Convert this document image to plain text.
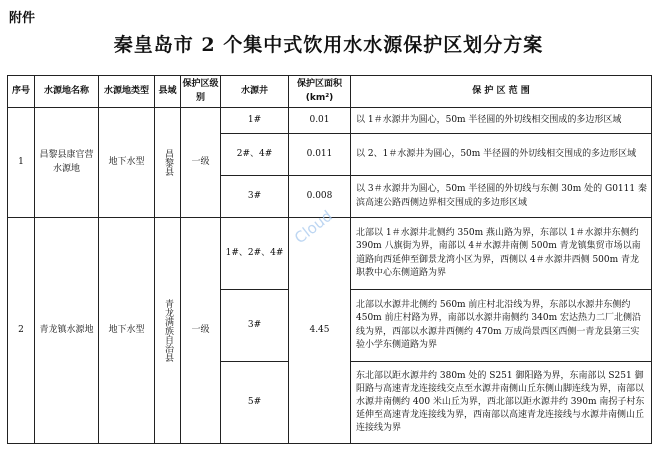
附件
秦皇岛市 2 个集中式饮用水水源保护区划分方案
序号	水源地名称	水源地类型	县域	保护区级别	水源井	保护区面积(km²)	保 护 区 范 围
1	昌黎县康官营水源地	地下水型	昌黎县	一级	1#	0.01	以 1＃水源井为圆心，50m 半径圆的外切线相交围成的多边形区域
					2#、4#	0.011	以 2、1＃水源井为圆心，50m 半径圆的外切线相交围成的多边形区域
					3#	0.008	以 3＃水源井为圆心，50m 半径圆的外切线与东侧 30m 处的 G0111 秦滨高速公路西侧边界相交围成的多边形区域
2	青龙镇水源地	地下水型	青龙满族自治县	一级	1#、2#、4#	4.45	北部以 1＃水源井北侧约 350m 燕山路为界，东部以 1＃水源井东侧约 390m 八旗街为界，南部以 4＃水源井南侧 500m 青龙镇集贸市场以南道路向西延伸至御景龙湾小区为界，西侧以 4＃水源井西侧 500m 青龙职教中心东侧道路为界
					3#		北部以水源井北侧约 560m 前庄村北沿线为界，东部以水源井东侧约 450m 前庄村路为界，南部以水源井南侧约 340m 宏达热力二厂北侧沿线为界，西部以水源井西侧约 470m 万成尚景西区西侧一青龙县第三实验小学东侧道路为界
					5#		东北部以距水源井约 380m 处的 S251 御阳路为界，东南部以 S251 御阳路与高速青龙连接线交点至水源井南侧山丘东侧山脚连线为界，南部以水源井南侧约 400 米山丘为界，西北部以距水源井约 390m 南拐子村东延伸至高速青龙连接线为界，西南部以高速青龙连接线与水源井南侧山丘连接线为界
Cloud
